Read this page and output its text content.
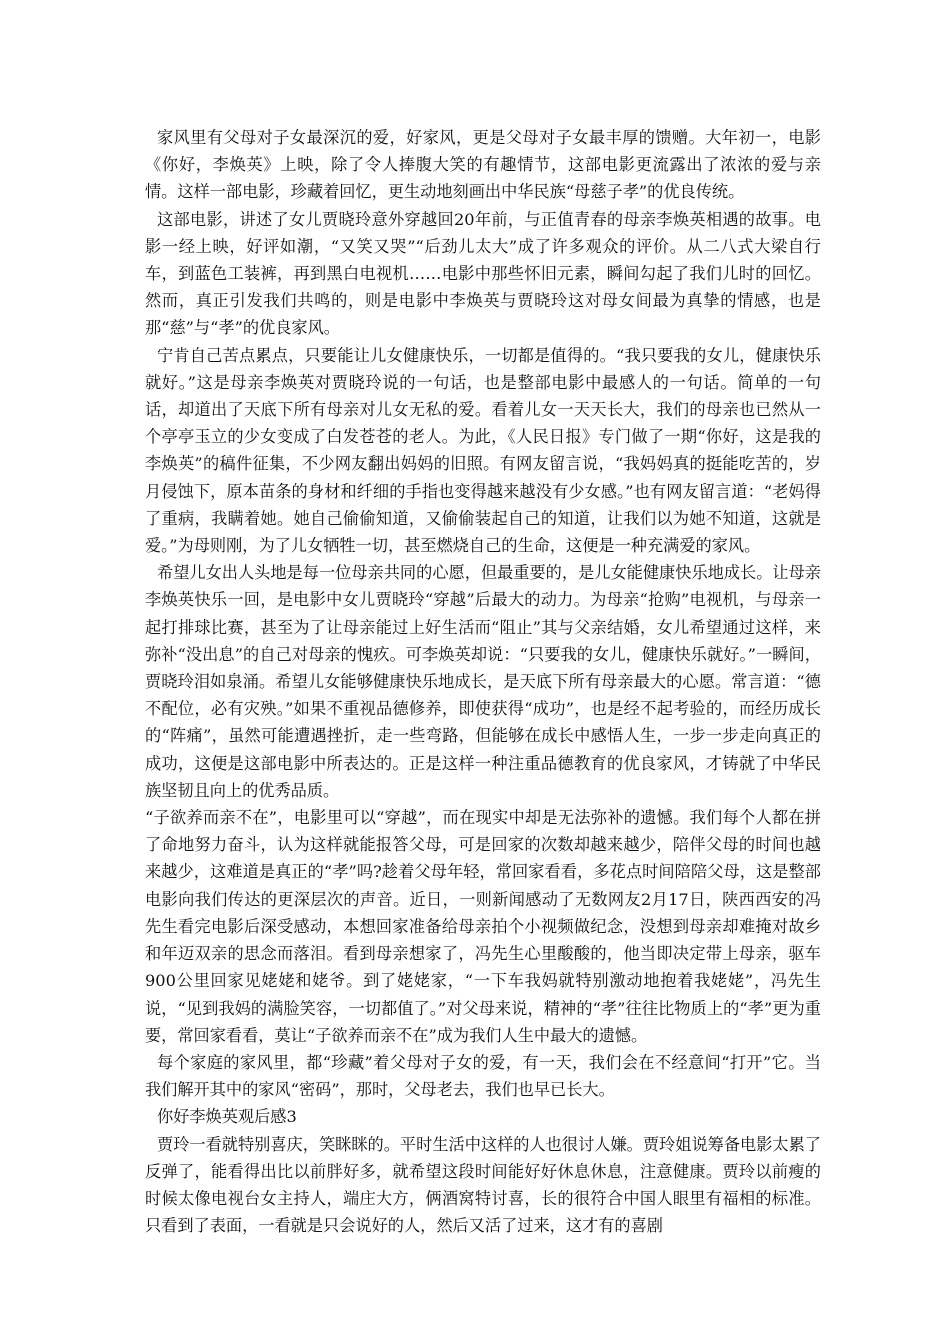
家风里有父母对子女最深沉的爱，好家风，更是父母对子女最丰厚的馈赠。大年初一，电影《你好，李焕英》上映，除了令人捧腹大笑的有趣情节，这部电影更流露出了浓浓的爱与亲情。这样一部电影，珍藏着回忆，更生动地刻画出中华民族“母慈子孝”的优良传统。

这部电影，讲述了女儿贾晓玲意外穿越回20年前，与正值青春的母亲李焕英相遇的故事。电影一经上映，好评如潮，“又笑又哭”“后劲儿太大”成了许多观众的评价。从二八式大梁自行车，到蓝色工装裤，再到黑白电视机……电影中那些怀旧元素，瞬间勾起了我们儿时的回忆。然而，真正引发我们共鸣的，则是电影中李焕英与贾晓玲这对母女间最为真挚的情感，也是那“慈”与“孝”的优良家风。

宁肯自己苦点累点，只要能让儿女健康快乐，一切都是值得的。“我只要我的女儿，健康快乐就好。”这是母亲李焕英对贾晓玲说的一句话，也是整部电影中最感人的一句话。简单的一句话，却道出了天底下所有母亲对儿女无私的爱。看着儿女一天天长大，我们的母亲也已然从一个亭亭玉立的少女变成了白发苍苍的老人。为此，《人民日报》专门做了一期“你好，这是我的李焕英”的稿件征集，不少网友翻出妈妈的旧照。有网友留言说，“我妈妈真的挺能吃苦的，岁月侵蚀下，原本苗条的身材和纤细的手指也变得越来越没有少女感。”也有网友留言道：“老妈得了重病，我瞒着她。她自己偷偷知道，又偷偷装起自己的知道，让我们以为她不知道，这就是爱。”为母则刚，为了儿女牺牲一切，甚至燃烧自己的生命，这便是一种充满爱的家风。

希望儿女出人头地是每一位母亲共同的心愿，但最重要的，是儿女能健康快乐地成长。让母亲李焕英快乐一回，是电影中女儿贾晓玲“穿越”后最大的动力。为母亲“抢购”电视机，与母亲一起打排球比赛，甚至为了让母亲能过上好生活而“阻止”其与父亲结婚，女儿希望通过这样，来弥补“没出息”的自己对母亲的愧疚。可李焕英却说：“只要我的女儿，健康快乐就好。”一瞬间，贾晓玲泪如泉涌。希望儿女能够健康快乐地成长，是天底下所有母亲最大的心愿。常言道：“德不配位，必有灾殃。”如果不重视品德修养，即使获得“成功”，也是经不起考验的，而经历成长的“阵痛”，虽然可能遭遇挫折，走一些弯路，但能够在成长中感悟人生，一步一步走向真正的成功，这便是这部电影中所表达的。正是这样一种注重品德教育的优良家风，才铸就了中华民族坚韧且向上的优秀品质。

“子欲养而亲不在”，电影里可以“穿越”，而在现实中却是无法弥补的遗憾。我们每个人都在拼了命地努力奋斗，认为这样就能报答父母，可是回家的次数却越来越少，陪伴父母的时间也越来越少，这难道是真正的“孝”吗?趁着父母年轻，常回家看看，多花点时间陪陪父母，这是整部电影向我们传达的更深层次的声音。近日，一则新闻感动了无数网友2月17日，陕西西安的冯先生看完电影后深受感动，本想回家准备给母亲拍个小视频做纪念，没想到母亲却难掩对故乡和年迈双亲的思念而落泪。看到母亲想家了，冯先生心里酸酸的，他当即决定带上母亲，驱车900公里回家见姥姥和姥爷。到了姥姥家，“一下车我妈就特别激动地抱着我姥姥”，冯先生说，“见到我妈的满脸笑容，一切都值了。”对父母来说，精神的“孝”往往比物质上的“孝”更为重要，常回家看看，莫让“子欲养而亲不在”成为我们人生中最大的遗憾。

每个家庭的家风里，都“珍藏”着父母对子女的爱，有一天，我们会在不经意间“打开”它。当我们解开其中的家风“密码”，那时，父母老去，我们也早已长大。

你好李焕英观后感3

贾玲一看就特别喜庆，笑眯眯的。平时生活中这样的人也很讨人嫌。贾玲姐说筹备电影太累了反弹了，能看得出比以前胖好多，就希望这段时间能好好休息休息，注意健康。贾玲以前瘦的时候太像电视台女主持人，端庄大方，俩酒窝特讨喜，长的很符合中国人眼里有福相的标准。只看到了表面，一看就是只会说好的人，然后又活了过来，这才有的喜剧
